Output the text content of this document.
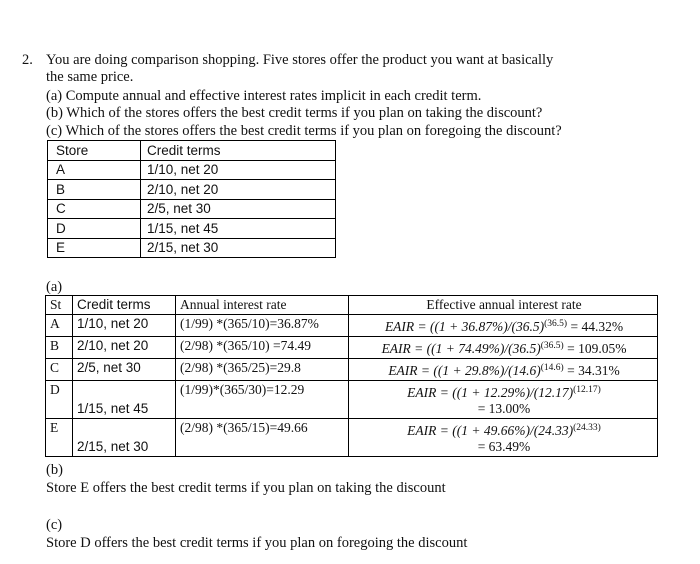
2. You are doing comparison shopping. Five stores offer the product you want at basically
the same price.
(a) Compute annual and effective interest rates implicit in each credit term.
(b) Which of the stores offers the best credit terms if you plan on taking the discount?
(c) Which of the stores offers the best credit terms if you plan on foregoing the discount?
Store	Credit terms
A	1/10, net 20
B	2/10, net 20
C	2/5, net 30
D	1/15, net 45
E	2/15, net 30
(a)
St	Credit terms	Annual interest rate	Effective annual interest rate
A	1/10, net 20	(1/99) *(365/10)=36.87%	EAIR = ($(1 + 36.87\%)/(36.5)^{(36.5)} = 44.32\%$
B	2/10, net 20	(2/98) *(365/10) =74.49	EAIR = ($(1 + 74.49\%)/(36.5)^{(36.5)} = 109.05\%$
C	2/5, net 30	(2/98) *(365/25)=29.8	EAIR = ($(1 + 29.8\%)/(14.6)^{(14.6)} = 34.31\%$
D	1/15, net 45	(1/99)*(365/30)=12.29	EAIR = ($(1 + 12.29\%)/(12.17)^{(12.17)}$
= 13.00%
E	2/15, net 30	(2/98) *(365/15)=49.66	EAIR = ($(1 + 49.66\%)/(24.33)^{(24.33)}$
= 63.49%
(b)
Store E offers the best credit terms if you plan on taking the discount
(c)
Store D offers the best credit terms if you plan on foregoing the discount
